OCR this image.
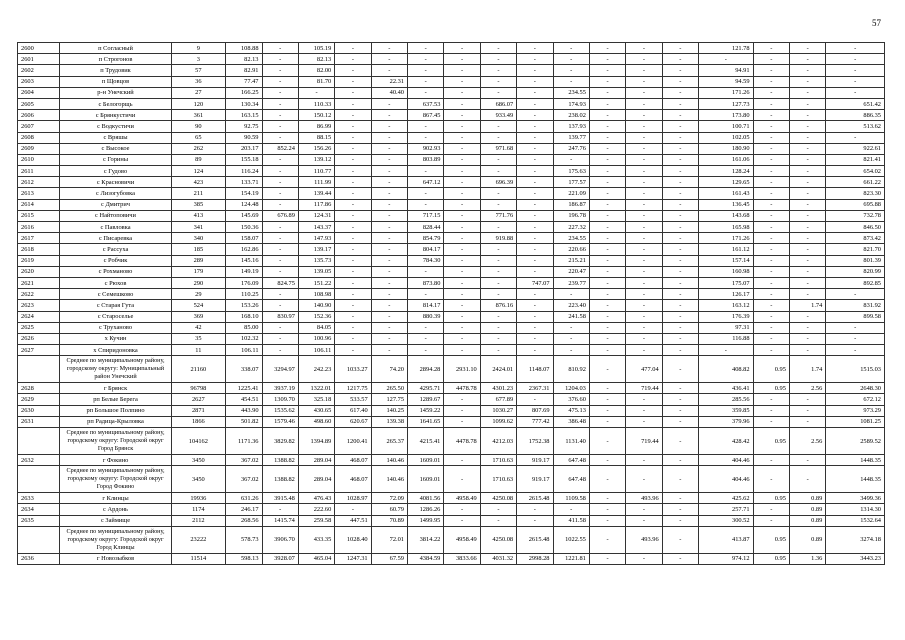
57
2600	п Согласный	9	108.88	-	105.19	-	-	-	-	-	-	-	-	-	-	121.78	-	-	-
2601	п Строгонов	3	82.13	-	82.13	-	-	-	-	-	-	-	-	-	-	-	-	-	-
2602	п Трудовик	57	82.91	-	82.00	-	-	-	-	-	-	-	-	-	-	94.91	-	-	-
2603	п Щовцов	36	77.47	-	81.70	-	22.31	-	-	-	-	-	-	-	-	94.59	-	-	-
2604	р-н Унечский	27	166.25	-	-	-	40.40	-	-	-	-	234.55	-	-	-	171.26	-	-	-
2605	с Белогорщь	120	130.34	-	110.33	-	-	637.53	-	686.07	-	174.93	-	-	-	127.73	-	-	651.42
2606	с Брянкустичи	361	163.15	-	150.12	-	-	867.45	-	933.49	-	238.02	-	-	-	173.80	-	-	886.35
2607	с Водкустичи	90	92.75	-	86.99	-	-	-	-	-	-	137.93	-	-	-	100.71	-	-	513.62
2608	с Вряшы	65	90.59	-	88.15	-	-	-	-	-	-	139.77	-	-	-	102.05	-	-	-
2609	с Высокое	262	203.17	852.24	156.26	-	-	902.93	-	971.68	-	247.76	-	-	-	180.90	-	-	922.61
2610	с Горины	89	155.18	-	139.12	-	-	803.89	-	-	-	-	-	-	-	161.06	-	-	821.41
2611	с Гудово	124	116.24	-	110.77	-	-	-	-	-	-	175.63	-	-	-	128.24	-	-	654.02
2612	с Красновичи	423	133.71	-	111.99	-	-	647.12	-	696.39	-	177.57	-	-	-	129.65	-	-	661.22
2613	с Лизогубовка	211	154.19	-	139.44	-	-	-	-	-	-	221.09	-	-	-	161.43	-	-	823.30
2614	с Дмитрич	385	124.48	-	117.86	-	-	-	-	-	-	186.87	-	-	-	136.45	-	-	695.88
2615	с Найтоповичи	413	145.69	676.89	124.31	-	-	717.15	-	771.76	-	196.78	-	-	-	143.68	-	-	732.78
2616	с Павловка	341	150.36	-	143.37	-	-	828.44	-	-	-	227.32	-	-	-	165.98	-	-	846.50
2617	с Писаревка	340	158.07	-	147.93	-	-	854.79	-	919.88	-	234.55	-	-	-	171.26	-	-	873.42
2618	с Рассуха	185	162.86	-	139.17	-	-	804.17	-	-	-	220.66	-	-	-	161.12	-	-	821.70
2619	с Робчик	289	145.16	-	135.73	-	-	784.30	-	-	-	215.21	-	-	-	157.14	-	-	801.39
2620	с Рохманово	179	149.19	-	139.05	-	-	-	-	-	-	220.47	-	-	-	160.98	-	-	820.99
2621	с Рюхов	290	176.09	824.75	151.22	-	-	873.80	-	-	747.07	239.77	-	-	-	175.07	-	-	892.85
2622	с Семешково	29	110.25	-	108.98	-	-	-	-	-	-	-	-	-	-	126.17	-	-	-
2623	с Старая Гута	524	153.26	-	140.90	-	-	814.17	-	876.16	-	223.40	-	-	-	163.12	-	1.74	831.92
2624	с Староселье	369	168.10	830.97	152.36	-	-	880.39	-	-	-	241.58	-	-	-	176.39	-	-	899.58
2625	с Труханово	42	85.00	-	84.05	-	-	-	-	-	-	-	-	-	-	97.31	-	-	-
2626	х Кучин	35	102.32	-	100.96	-	-	-	-	-	-	-	-	-	-	116.88	-	-	-
2627	х Спиридоновка	11	106.11	-	106.11	-	-	-	-	-	-	-	-	-	-	-	-	-	-
	Среднее по муниципальному району, городскому округу: Муниципальный район Унечский	21160	338.07	3294.97	242.23	1033.27	74.20	2894.28	2931.10	2424.01	1148.07	810.92	-	477.04	-	408.82	0.95	1.74	1515.03
2628	г Брянск	96798	1225.41	3937.19	1322.01	1217.75	265.50	4295.71	4478.78	4301.23	2367.31	1204.03	-	719.44	-	436.41	0.95	2.56	2648.30
2629	рп Белые Берега	2627	454.51	1309.70	325.18	533.57	127.75	1289.67	-	677.89	-	376.60	-	-	-	285.56	-	-	672.12
2630	рп Большое Полпино	2871	443.90	1535.62	430.65	617.40	140.25	1459.22	-	1030.27	807.69	475.13	-	-	-	359.85	-	-	973.29
2631	рп Радица-Крыловка	1866	501.82	1579.46	498.60	620.67	139.38	1641.65	-	1099.62	777.42	386.48	-	-	-	379.96	-	-	1081.25
	Среднее по муниципальному району, городскому округу: Городской округ Город Брянск	104162	1171.36	3829.82	1394.89	1200.41	265.37	4215.41	4478.78	4212.03	1752.38	1131.40	-	719.44	-	428.42	0.95	2.56	2589.52
2632	г Фокино	3450	367.02	1388.82	289.04	468.07	140.46	1609.01	-	1710.63	919.17	647.48	-	-	-	404.46	-	-	1448.35
	Среднее по муниципальному району, городскому округу: Городской округ Город Фокино	3450	367.02	1388.82	289.04	468.07	140.46	1609.01	-	1710.63	919.17	647.48	-	-	-	404.46	-	-	1448.35
2633	г Клинцы	19936	631.26	3915.48	476.43	1028.97	72.09	4081.56	4958.49	4250.08	2615.48	1109.58	-	493.96	-	425.62	0.95	0.89	3499.36
2634	с Ардонь	1174	246.17	-	222.60	-	60.79	1286.26	-	-	-	-	-	-	-	257.71	-	0.89	1314.30
2635	с Займище	2112	268.56	1415.74	259.58	447.51	70.89	1499.95	-	-	-	411.58	-	-	-	300.52	-	0.89	1532.64
	Среднее по муниципальному району, городскому округу: Городской округ Город Клинцы	23222	578.73	3906.70	433.35	1028.40	72.01	3814.22	4958.49	4250.08	2615.48	1022.55	-	493.96	-	413.87	0.95	0.89	3274.18
2636	г Новозыбков	11514	598.13	3928.07	465.04	1247.31	67.59	4384.59	3833.66	4031.32	2998.28	1221.81	-	-	-	974.12	0.95	1.36	3443.23
